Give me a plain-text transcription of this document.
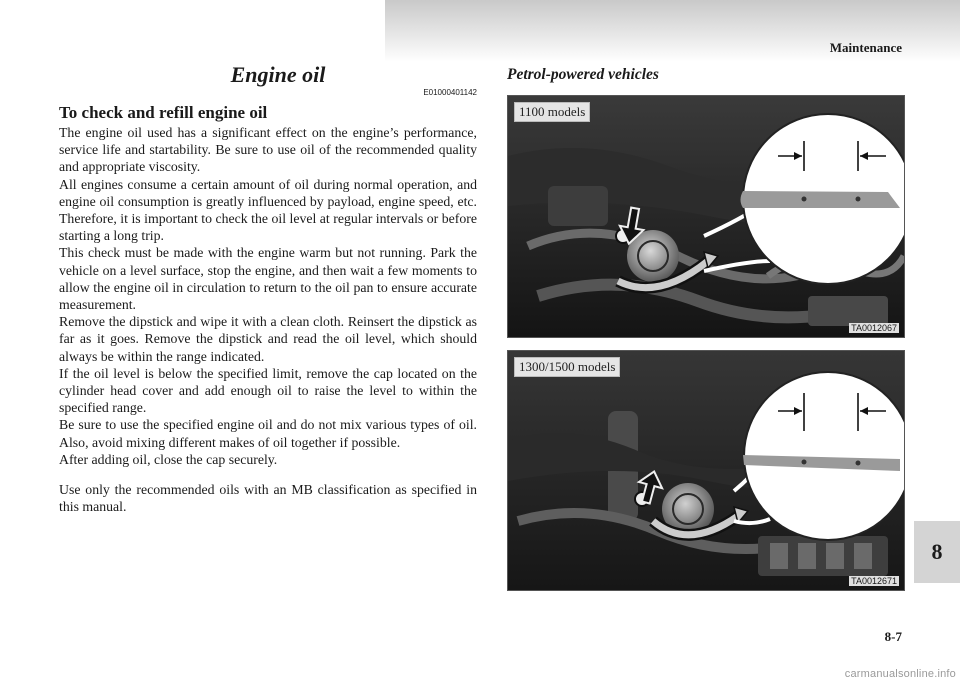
Maintenance
Engine oil
E01000401142
To check and refill engine oil

The engine oil used has a significant effect on the engine’s performance, service life and startability. Be sure to use oil of the recommended quality and appropriate viscosity.

All engines consume a certain amount of oil during normal operation, and engine oil consumption is greatly influenced by payload, engine speed, etc. Therefore, it is important to check the oil level at regular intervals or before starting a long trip.

This check must be made with the engine warm but not running. Park the vehicle on a level surface, stop the engine, and then wait a few moments to allow the engine oil in circulation to return to the oil pan to ensure accurate measurement.

Remove the dipstick and wipe it with a clean cloth. Reinsert the dipstick as far as it goes. Remove the dipstick and read the oil level, which should always be within the range indicated.

If the oil level is below the specified limit, remove the cap located on the cylinder head cover and add enough oil to raise the level to within the specified range.

Be sure to use the specified engine oil and do not mix various types of oil. Also, avoid mixing different makes of oil together if possible.

After adding oil, close the cap securely.

Use only the recommended oils with an MB classification as specified in this manual.

Petrol-powered vehicles
1100 models
TA0012067
1300/1500 models
TA0012671
8
8-7
carmanualsonline.info
